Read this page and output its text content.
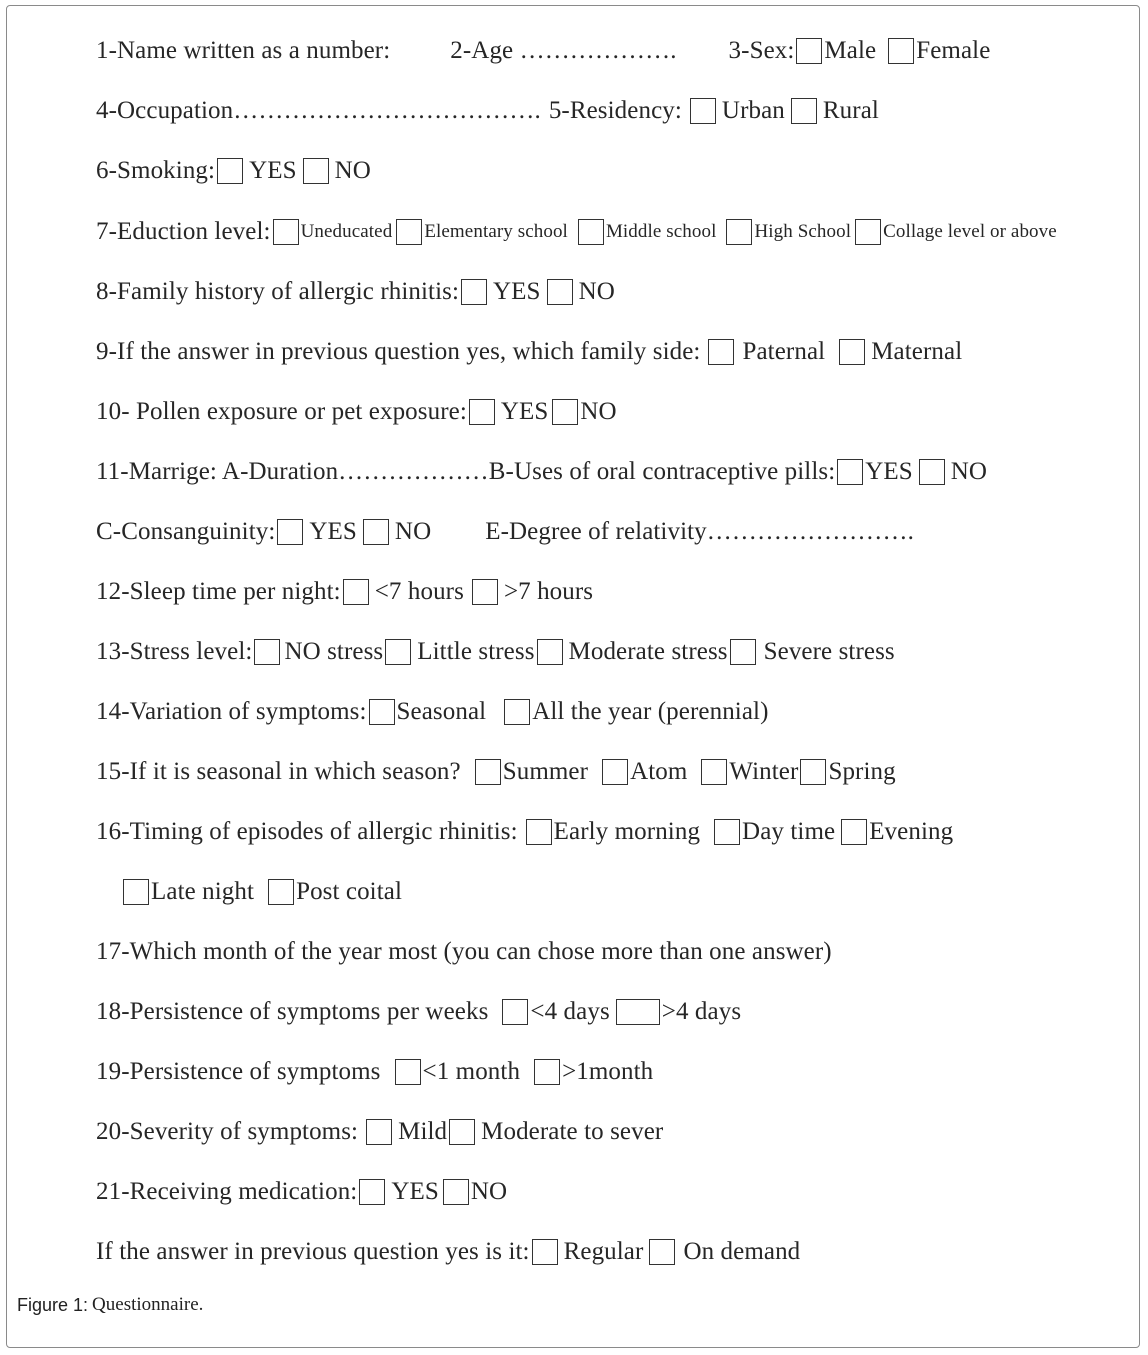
1-Name written as a number: 2-Age ………………. 3-Sex: Male Female
4-Occupation………………………………. 5-Residency: Urban Rural
6-Smoking: YES NO
7-Eduction level: Uneducated Elementary school Middle school High School Collage level or above
8-Family history of allergic rhinitis: YES NO
9-If the answer in previous question yes, which family side: Paternal Maternal
10- Pollen exposure or pet exposure: YES NO
11-Marrige: A-Duration………………B-Uses of oral contraceptive pills: YES NO
C-Consanguinity: YES NO E-Degree of relativity…………………….
12-Sleep time per night: <7 hours >7 hours
13-Stress level: NO stress Little stress Moderate stress Severe stress
14-Variation of symptoms: Seasonal All the year (perennial)
15-If it is seasonal in which season? Summer Atom Winter Spring
16-Timing of episodes of allergic rhinitis: Early morning Day time Evening
Late night Post coital
17-Which month of the year most (you can chose more than one answer)
18-Persistence of symptoms per weeks <4 days >4 days
19-Persistence of symptoms <1 month >1month
20-Severity of symptoms: Mild Moderate to sever
21-Receiving medication: YES NO
If the answer in previous question yes is it: Regular On demand
Figure 1: Questionnaire.
